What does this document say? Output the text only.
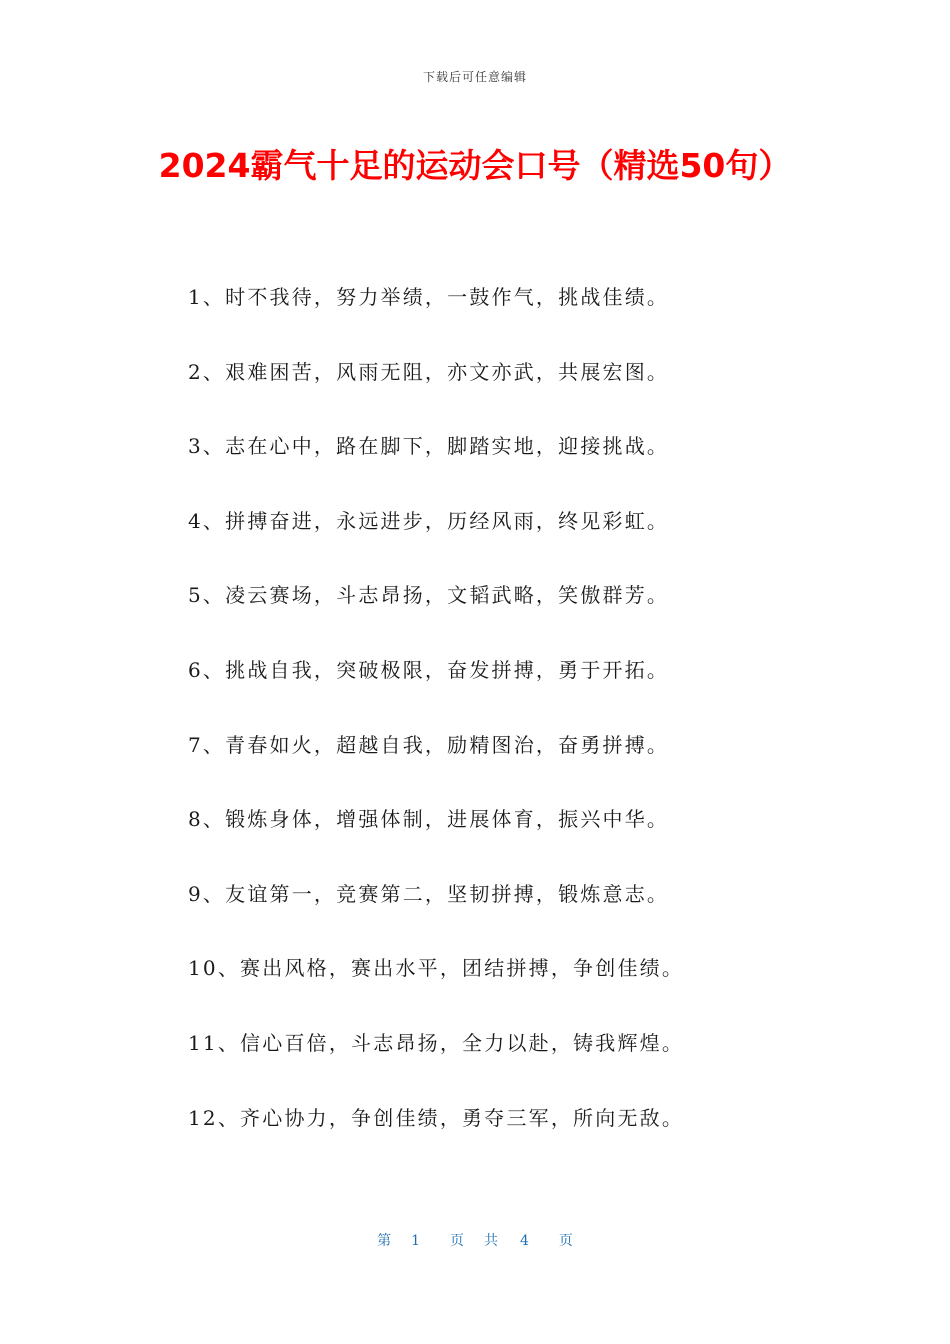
下载后可任意编辑
2024霸气十足的运动会口号（精选50句）
1、时不我待，努力举绩，一鼓作气，挑战佳绩。
2、艰难困苦，风雨无阻，亦文亦武，共展宏图。
3、志在心中，路在脚下，脚踏实地，迎接挑战。
4、拼搏奋进，永远进步，历经风雨，终见彩虹。
5、凌云赛场，斗志昂扬，文韬武略，笑傲群芳。
6、挑战自我，突破极限，奋发拼搏，勇于开拓。
7、青春如火，超越自我，励精图治，奋勇拼搏。
8、锻炼身体，增强体制，进展体育，振兴中华。
9、友谊第一，竞赛第二，坚韧拼搏，锻炼意志。
10、赛出风格，赛出水平，团结拼搏，争创佳绩。
11、信心百倍，斗志昂扬，全力以赴，铸我辉煌。
12、齐心协力，争创佳绩，勇夺三军，所向无敌。
第 1 页 共 4 页
